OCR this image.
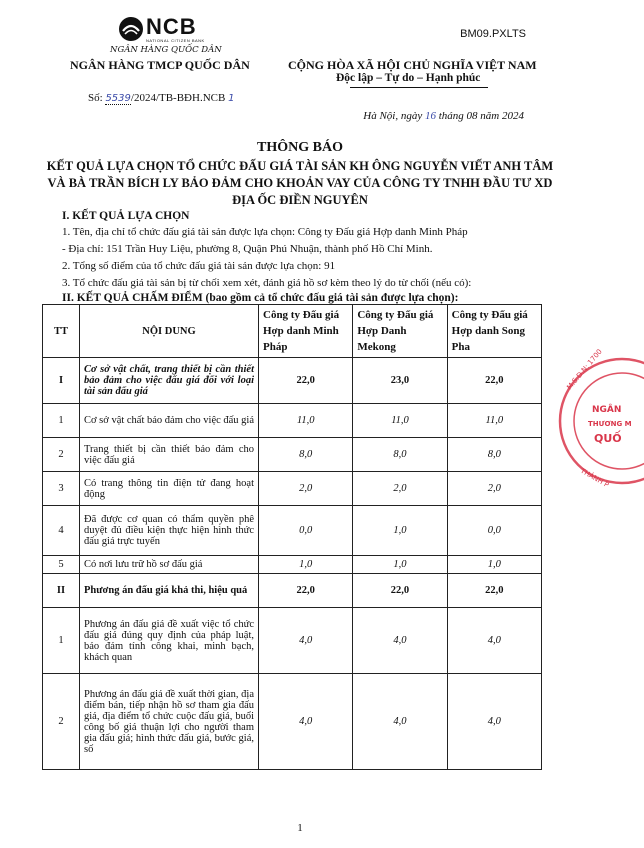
NCB
NATIONAL CITIZEN BANK
NGÂN HÀNG QUỐC DÂN
BM09.PXLTS
NGÂN HÀNG TMCP QUỐC DÂN	CỘNG HÒA XÃ HỘI CHỦ NGHĨA VIỆT NAM
Độc lập – Tự do – Hạnh phúc
Số: 5539/2024/TB-BĐH.NCB 1
Hà Nội, ngày 16 tháng 08 năm 2024
THÔNG BÁO
KẾT QUẢ LỰA CHỌN TỔ CHỨC ĐẤU GIÁ TÀI SẢN KH ÔNG NGUYỄN VIẾT ANH TÂM VÀ BÀ TRẦN BÍCH LY BẢO ĐẢM CHO KHOẢN VAY CỦA CÔNG TY TNHH ĐẦU TƯ XD ĐỊA ỐC ĐIỀN NGUYÊN
I. KẾT QUẢ LỰA CHỌN
1. Tên, địa chỉ tổ chức đấu giá tài sản được lựa chọn: Công ty Đấu giá Hợp danh Minh Pháp
- Địa chỉ: 151 Trần Huy Liệu, phường 8, Quận Phú Nhuận, thành phố Hồ Chí Minh.
2. Tổng số điểm của tổ chức đấu giá tài sản được lựa chọn: 91
3. Tổ chức đấu giá tài sản bị từ chối xem xét, đánh giá hồ sơ kèm theo lý do từ chối (nếu có):
II. KẾT QUẢ CHẤM ĐIỂM (bao gồm cả tổ chức đấu giá tài sản được lựa chọn):
TT	NỘI DUNG	Công ty Đấu giá Hợp danh Minh Pháp	Công ty Đấu giá Hợp Danh Mekong	Công ty Đấu giá Hợp danh Song Pha
I	Cơ sở vật chất, trang thiết bị cần thiết bảo đảm cho việc đấu giá đối với loại tài sản đấu giá	22,0	23,0	22,0
1	Cơ sở vật chất bảo đảm cho việc đấu giá	11,0	11,0	11,0
2	Trang thiết bị cần thiết bảo đảm cho việc đấu giá	8,0	8,0	8,0
3	Có trang thông tin điện tử đang hoạt động	2,0	2,0	2,0
4	Đã được cơ quan có thẩm quyền phê duyệt đủ điều kiện thực hiện hình thức đấu giá trực tuyến	0,0	1,0	0,0
5	Có nơi lưu trữ hồ sơ đấu giá	1,0	1,0	1,0
II	Phương án đấu giá khả thi, hiệu quả	22,0	22,0	22,0
1	Phương án đấu giá đề xuất việc tổ chức đấu giá đúng quy định của pháp luật, bảo đảm tính công khai, minh bạch, khách quan	4,0	4,0	4,0
2	Phương án đấu giá đề xuất thời gian, địa điểm bán, tiếp nhận hồ sơ tham gia đấu giá, địa điểm tổ chức cuộc đấu giá, buổi công bố giá thuận lợi cho người tham gia đấu giá; hình thức đấu giá, bước giá, số	4,0	4,0	4,0
M.S.D.N: 1700
NGÂN
THƯƠNG M
QUỐ
THÀNH P
1
